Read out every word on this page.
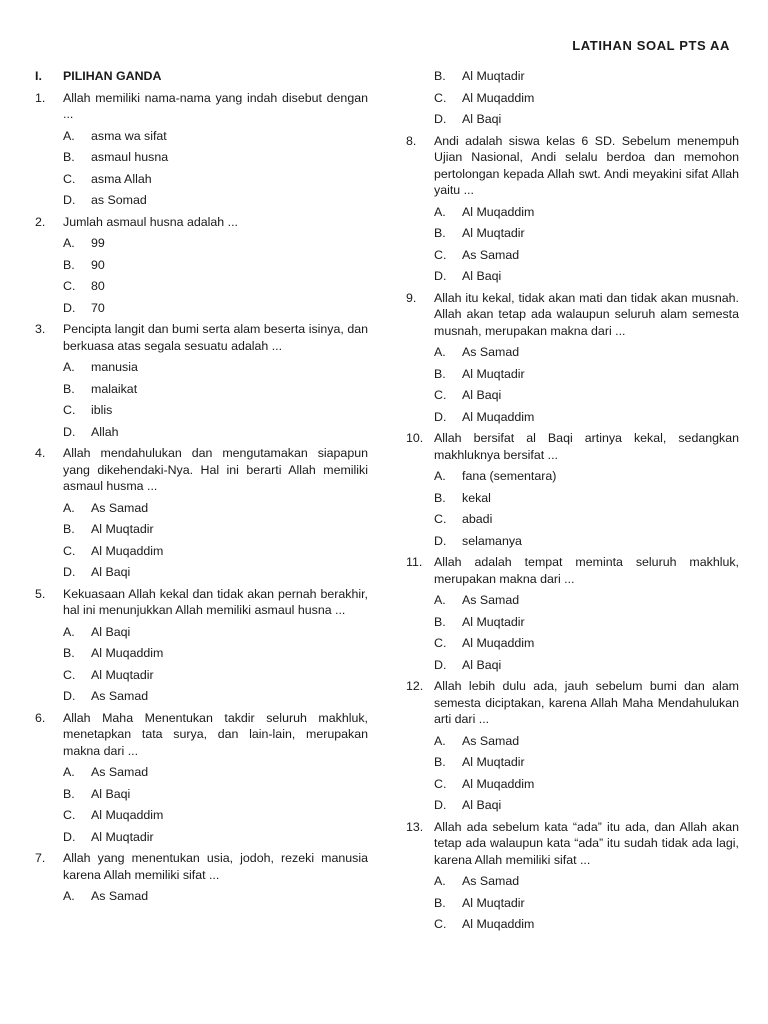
LATIHAN SOAL PTS AA
I.	PILIHAN GANDA
1.	Allah memiliki nama-nama yang indah disebut dengan ...
A.	asma wa sifat
B.	asmaul husna
C.	asma Allah
D.	as Somad
2.	Jumlah asmaul husna adalah ...
A.	99
B.	90
C.	80
D.	70
3.	Pencipta langit dan bumi serta alam beserta isinya, dan berkuasa atas segala sesuatu adalah ...
A.	manusia
B.	malaikat
C.	iblis
D.	Allah
4.	Allah mendahulukan dan mengutamakan siapapun yang dikehendaki-Nya. Hal ini berarti Allah memiliki asmaul husma ...
A.	As Samad
B.	Al Muqtadir
C.	Al Muqaddim
D.	Al Baqi
5.	Kekuasaan Allah kekal dan tidak akan pernah berakhir, hal ini menunjukkan Allah memiliki asmaul husna ...
A.	Al Baqi
B.	Al Muqaddim
C.	Al Muqtadir
D.	As Samad
6.	Allah Maha Menentukan takdir seluruh makhluk, menetapkan tata surya, dan lain-lain, merupakan makna dari ...
A.	As Samad
B.	Al Baqi
C.	Al Muqaddim
D.	Al Muqtadir
7.	Allah yang menentukan usia, jodoh, rezeki manusia karena Allah memiliki sifat ...
A.	As Samad
B.	Al Muqtadir
C.	Al Muqaddim
D.	Al Baqi
8.	Andi adalah siswa kelas 6 SD. Sebelum menempuh Ujian Nasional, Andi selalu berdoa dan memohon pertolongan kepada Allah swt. Andi meyakini sifat Allah yaitu ...
A.	Al Muqaddim
B.	Al Muqtadir
C.	As Samad
D.	Al Baqi
9.	Allah itu kekal, tidak akan mati dan tidak akan musnah. Allah akan tetap ada walaupun seluruh alam semesta musnah, merupakan makna dari ...
A.	As Samad
B.	Al Muqtadir
C.	Al Baqi
D.	Al Muqaddim
10. Allah bersifat al Baqi artinya kekal, sedangkan makhluknya bersifat ...
A.	fana (sementara)
B.	kekal
C.	abadi
D.	selamanya
11. Allah adalah tempat meminta seluruh makhluk, merupakan makna dari ...
A.	As Samad
B.	Al Muqtadir
C.	Al Muqaddim
D.	Al Baqi
12. Allah lebih dulu ada, jauh sebelum bumi dan alam semesta diciptakan, karena Allah Maha Mendahulukan arti dari ...
A.	As Samad
B.	Al Muqtadir
C.	Al Muqaddim
D.	Al Baqi
13. Allah ada sebelum kata “ada” itu ada, dan Allah akan tetap ada walaupun kata “ada” itu sudah tidak ada lagi, karena Allah memiliki sifat ...
A.	As Samad
B.	Al Muqtadir
C.	Al Muqaddim
